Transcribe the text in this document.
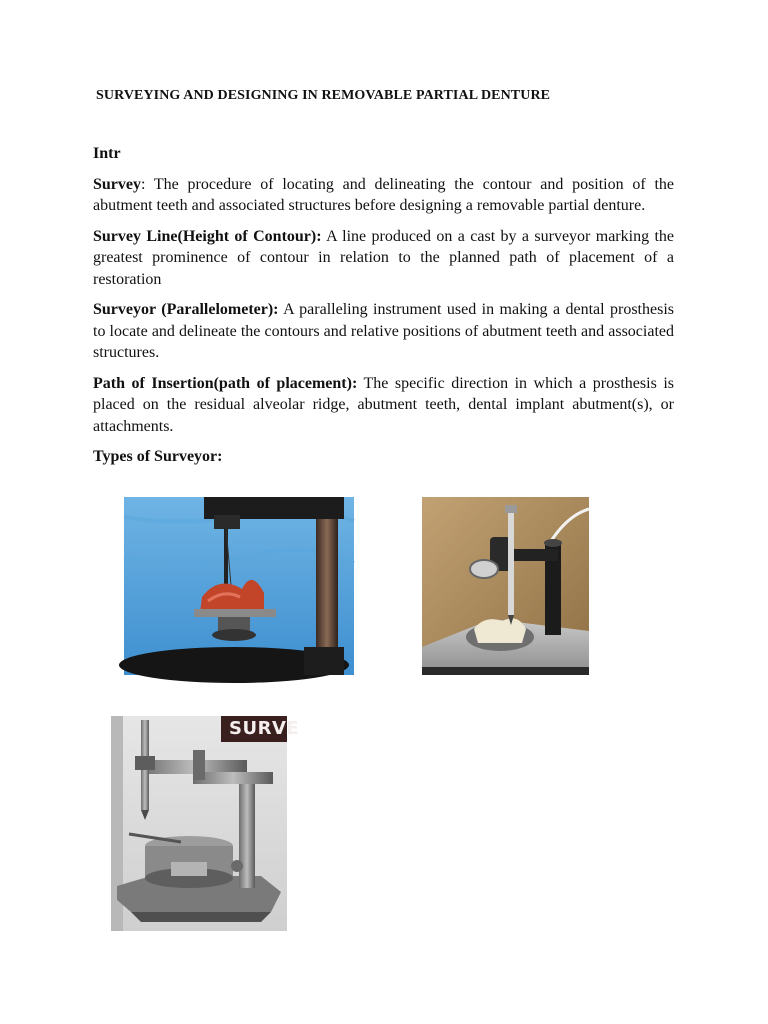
SURVEYING AND DESIGNING IN REMOVABLE PARTIAL DENTURE
Intr

Survey: The procedure of locating and delineating the contour and position of the abutment teeth and associated structures before designing a removable partial denture.

Survey Line(Height of Contour): A line produced on a cast by a surveyor marking the greatest prominence of contour in relation to the planned path of placement of a restoration

Surveyor (Parallelometer): A paralleling instrument used in making a dental prosthesis to locate and delineate the contours and relative positions of abutment teeth and associated structures.

Path of Insertion(path of placement): The specific direction in which a prosthesis is placed on the residual alveolar ridge, abutment teeth, dental implant abutment(s), or attachments.

Types of Surveyor:
SURVE
